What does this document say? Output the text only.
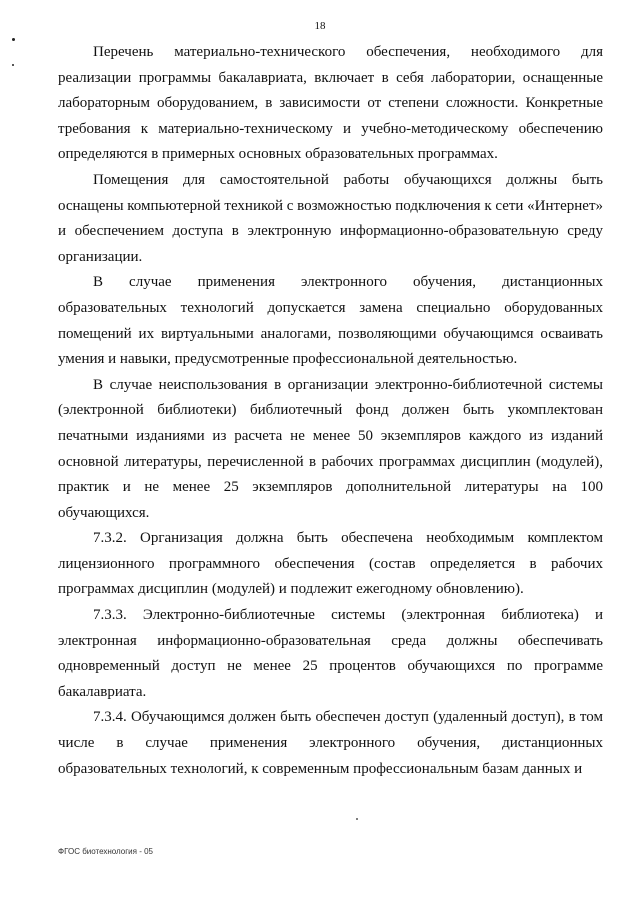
18

Перечень материально-технического обеспечения, необходимого для реализации программы бакалавриата, включает в себя лаборатории, оснащенные лабораторным оборудованием, в зависимости от степени сложности. Конкретные требования к материально-техническому и учебно-методическому обеспечению определяются в примерных основных образовательных программах.

Помещения для самостоятельной работы обучающихся должны быть оснащены компьютерной техникой с возможностью подключения к сети «Интернет» и обеспечением доступа в электронную информационно-образовательную среду организации.

В случае применения электронного обучения, дистанционных образовательных технологий допускается замена специально оборудованных помещений их виртуальными аналогами, позволяющими обучающимся осваивать умения и навыки, предусмотренные профессиональной деятельностью.

В случае неиспользования в организации электронно-библиотечной системы (электронной библиотеки) библиотечный фонд должен быть укомплектован печатными изданиями из расчета не менее 50 экземпляров каждого из изданий основной литературы, перечисленной в рабочих программах дисциплин (модулей), практик и не менее 25 экземпляров дополнительной литературы на 100 обучающихся.

7.3.2. Организация должна быть обеспечена необходимым комплектом лицензионного программного обеспечения (состав определяется в рабочих программах дисциплин (модулей) и подлежит ежегодному обновлению).

7.3.3. Электронно-библиотечные системы (электронная библиотека) и электронная информационно-образовательная среда должны обеспечивать одновременный доступ не менее 25 процентов обучающихся по программе бакалавриата.

7.3.4. Обучающимся должен быть обеспечен доступ (удаленный доступ), в том числе в случае применения электронного обучения, дистанционных образовательных технологий, к современным профессиональным базам данных и

ФГОС биотехнология - 05
